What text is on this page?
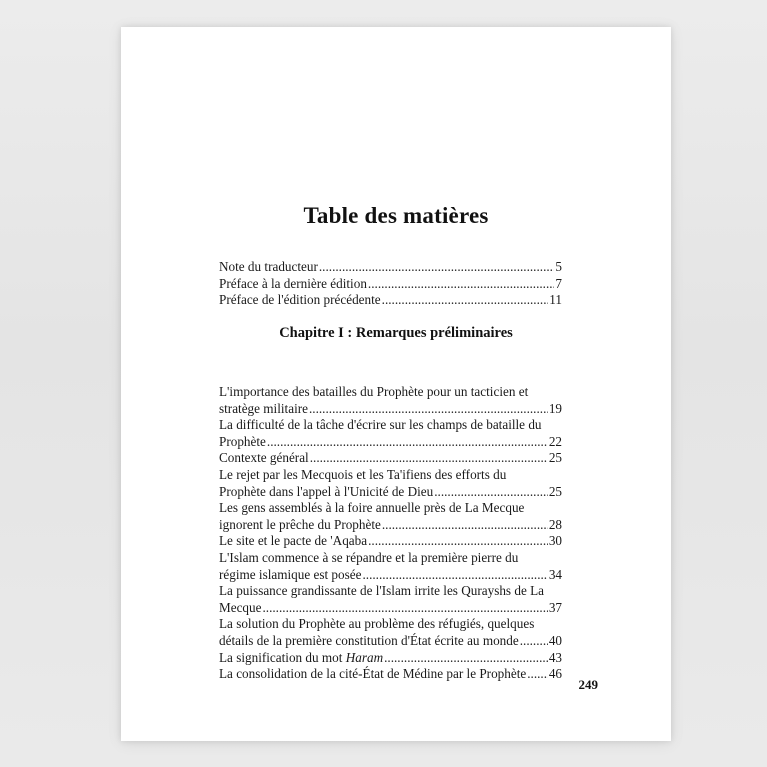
Table des matières
Note du traducteur .....	5
Préface à la dernière édition .....	7
Préface de l'édition précédente .....	11
Chapitre I : Remarques préliminaires
L'importance des batailles du Prophète pour un tacticien et
stratège militaire .....	19
La difficulté de la tâche d'écrire sur les champs de bataille du
Prophète .....	22
Contexte général .....	25
Le rejet par les Mecquois et les Ta'ifiens des efforts du
Prophète dans l'appel à l'Unicité de Dieu .....	25
Les gens assemblés à la foire annuelle près de La Mecque
ignorent le prêche du Prophète .....	28
Le site et le pacte de 'Aqaba .....	30
L'Islam commence à se répandre et la première pierre du
régime islamique est posée .....	34
La puissance grandissante de l'Islam irrite les Qurayshs de La
Mecque .....	37
La solution du Prophète au problème des réfugiés, quelques
détails de la première constitution d'État écrite au monde ..... 40
La signification du mot Haram .....	43
La consolidation de la cité-État de Médine par le Prophète ..... 46
249
